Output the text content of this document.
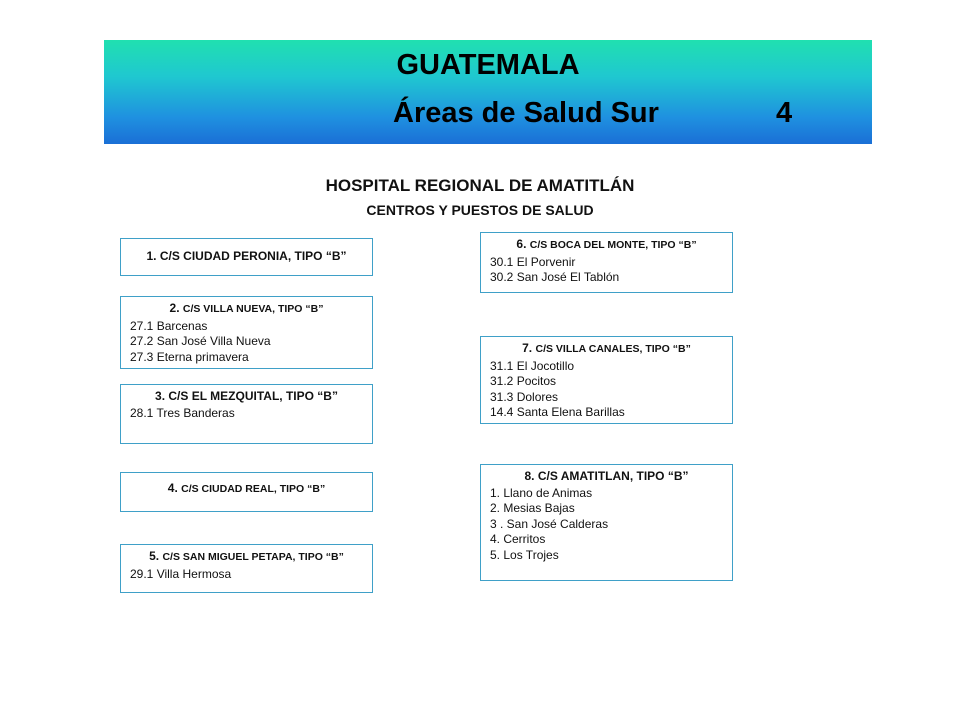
GUATEMALA
Áreas de Salud Sur	4
HOSPITAL REGIONAL DE AMATITLÁN
CENTROS Y PUESTOS DE SALUD
1. C/S CIUDAD PERONIA, TIPO “B”
2. C/S VILLA NUEVA, TIPO “B”
27.1 Barcenas
27.2 San José Villa Nueva
27.3 Eterna primavera
3. C/S EL MEZQUITAL, TIPO “B”
28.1 Tres Banderas
4. C/S CIUDAD REAL, TIPO “B”
5. C/S SAN MIGUEL PETAPA, TIPO “B”
29.1 Villa Hermosa
6. C/S BOCA DEL MONTE, TIPO “B”
30.1 El Porvenir
30.2 San José El Tablón
7. C/S VILLA CANALES, TIPO “B”
31.1 El Jocotillo
31.2 Pocitos
31.3 Dolores
14.4 Santa Elena Barillas
8. C/S AMATITLAN, TIPO “B”
1. Llano de Animas
2. Mesias Bajas
3 . San José Calderas
4. Cerritos
5. Los Trojes
